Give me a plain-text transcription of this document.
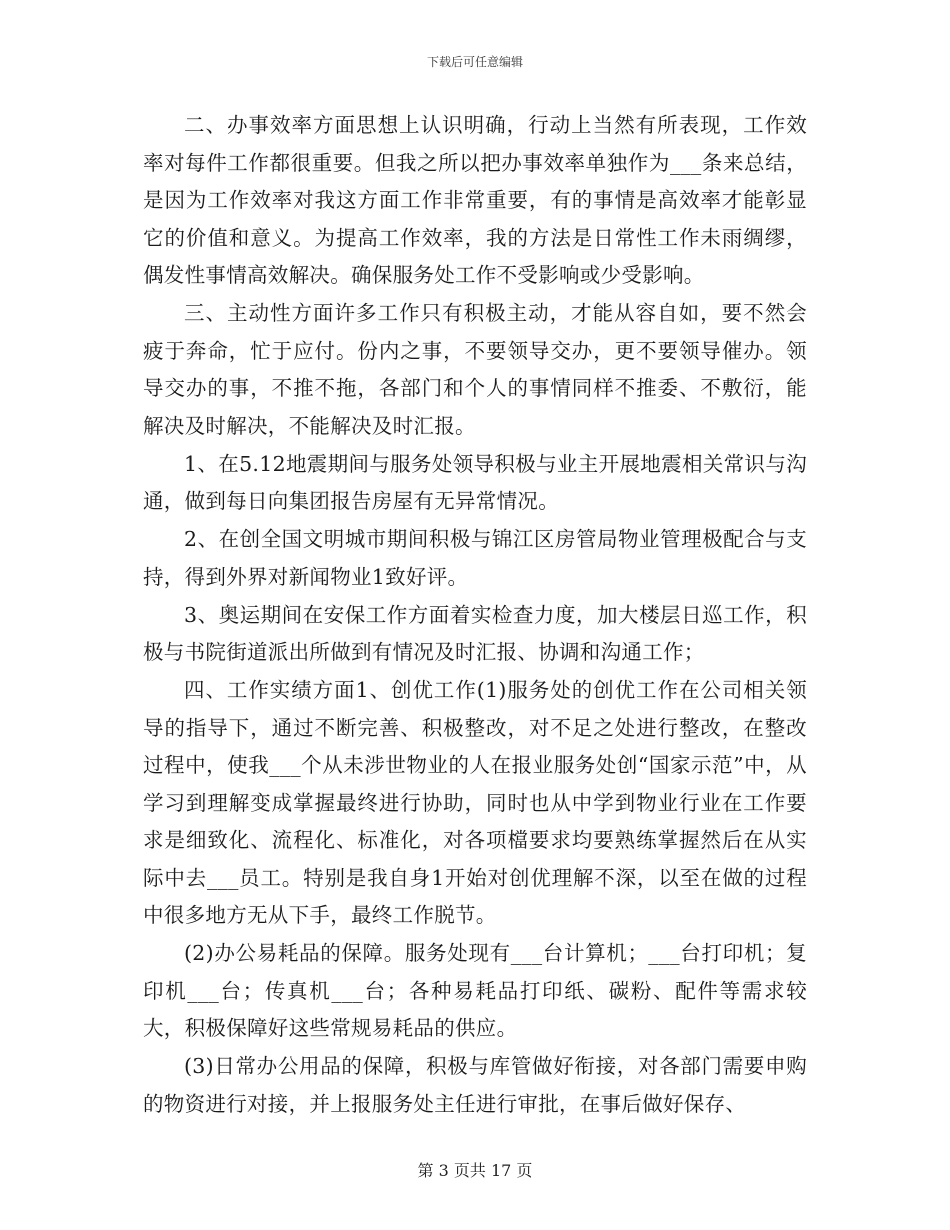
下载后可任意编辑

二、办事效率方面思想上认识明确，行动上当然有所表现，工作效率对每件工作都很重要。但我之所以把办事效率单独作为___条来总结，是因为工作效率对我这方面工作非常重要，有的事情是高效率才能彰显它的价值和意义。为提高工作效率，我的方法是日常性工作未雨绸缪，偶发性事情高效解决。确保服务处工作不受影响或少受影响。

三、主动性方面许多工作只有积极主动，才能从容自如，要不然会疲于奔命，忙于应付。份内之事，不要领导交办，更不要领导催办。领导交办的事，不推不拖，各部门和个人的事情同样不推委、不敷衍，能解决及时解决，不能解决及时汇报。

1、在5.12地震期间与服务处领导积极与业主开展地震相关常识与沟通，做到每日向集团报告房屋有无异常情况。

2、在创全国文明城市期间积极与锦江区房管局物业管理极配合与支持，得到外界对新闻物业1致好评。

3、奥运期间在安保工作方面着实检查力度，加大楼层日巡工作，积极与书院街道派出所做到有情况及时汇报、协调和沟通工作；

四、工作实绩方面1、创优工作(1)服务处的创优工作在公司相关领导的指导下，通过不断完善、积极整改，对不足之处进行整改，在整改过程中，使我___个从未涉世物业的人在报业服务处创“国家示范”中，从学习到理解变成掌握最终进行协助，同时也从中学到物业行业在工作要求是细致化、流程化、标准化，对各项檔要求均要熟练掌握然后在从实际中去___员工。特别是我自身1开始对创优理解不深，以至在做的过程中很多地方无从下手，最终工作脱节。

(2)办公易耗品的保障。服务处现有___台计算机；___台打印机；复印机___台；传真机___台；各种易耗品打印纸、碳粉、配件等需求较大，积极保障好这些常规易耗品的供应。

(3)日常办公用品的保障，积极与库管做好衔接，对各部门需要申购的物资进行对接，并上报服务处主任进行审批，在事后做好保存、

第 3 页共 17 页
